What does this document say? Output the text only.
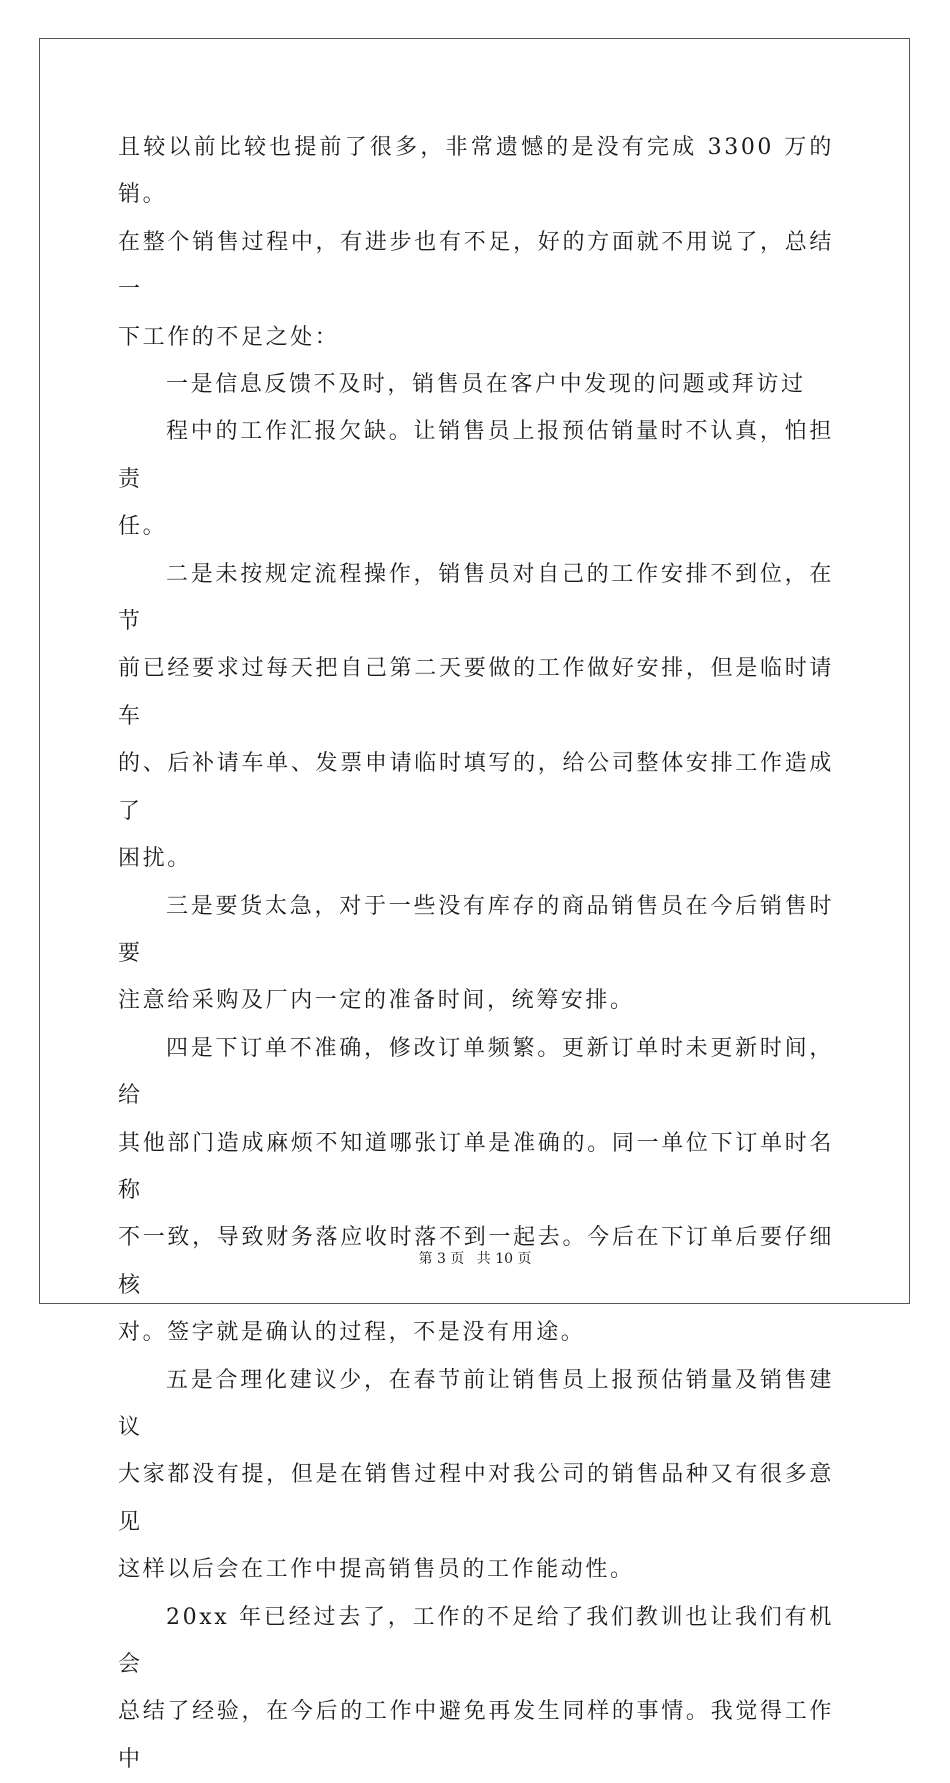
且较以前比较也提前了很多，非常遗憾的是没有完成 3300 万的销。

在整个销售过程中，有进步也有不足，好的方面就不用说了，总结一

下工作的不足之处：

一是信息反馈不及时，销售员在客户中发现的问题或拜访过

程中的工作汇报欠缺。让销售员上报预估销量时不认真，怕担责

任。

二是未按规定流程操作，销售员对自己的工作安排不到位，在节

前已经要求过每天把自己第二天要做的工作做好安排，但是临时请车

的、后补请车单、发票申请临时填写的，给公司整体安排工作造成了

困扰。

三是要货太急，对于一些没有库存的商品销售员在今后销售时要

注意给采购及厂内一定的准备时间，统筹安排。

四是下订单不准确，修改订单频繁。更新订单时未更新时间，给

其他部门造成麻烦不知道哪张订单是准确的。同一单位下订单时名称

不一致，导致财务落应收时落不到一起去。今后在下订单后要仔细核

对。签字就是确认的过程，不是没有用途。

五是合理化建议少，在春节前让销售员上报预估销量及销售建议

大家都没有提，但是在销售过程中对我公司的销售品种又有很多意见

这样以后会在工作中提高销售员的工作能动性。

20xx 年已经过去了，工作的不足给了我们教训也让我们有机会

总结了经验，在今后的工作中避免再发生同样的事情。我觉得工作中

第 3 页 共 10 页
